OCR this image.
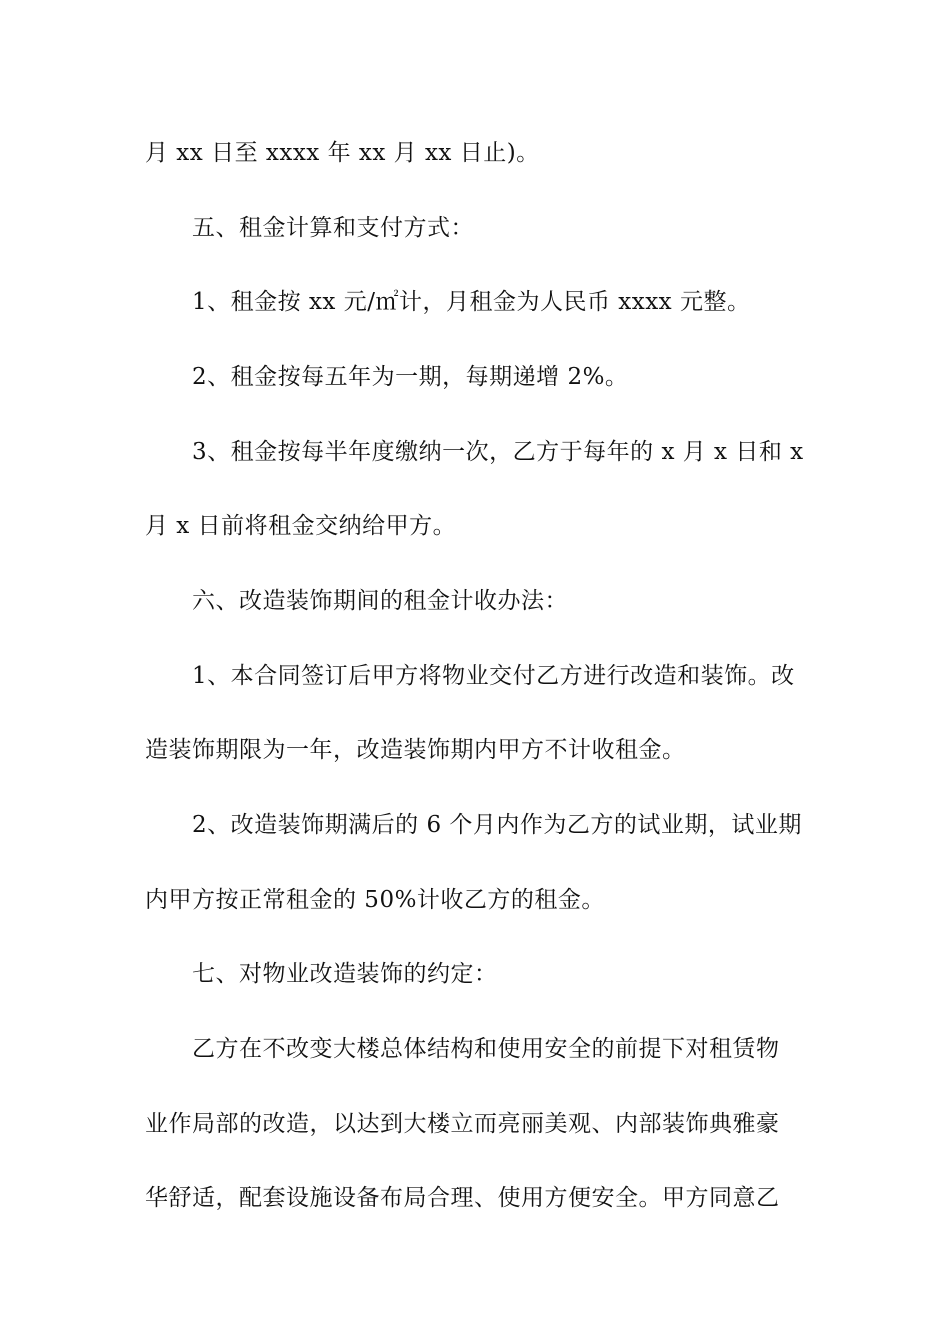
月 xx 日至 xxxx 年 xx 月 xx 日止)。
五、租金计算和支付方式：
1、租金按 xx 元/㎡计，月租金为人民币 xxxx 元整。
2、租金按每五年为一期，每期递增 2%。
3、租金按每半年度缴纳一次，乙方于每年的 x 月 x 日和 x
月 x 日前将租金交纳给甲方。
六、改造装饰期间的租金计收办法：
1、本合同签订后甲方将物业交付乙方进行改造和装饰。改
造装饰期限为一年，改造装饰期内甲方不计收租金。
2、改造装饰期满后的 6 个月内作为乙方的试业期，试业期
内甲方按正常租金的 50%计收乙方的租金。
七、对物业改造装饰的约定：
乙方在不改变大楼总体结构和使用安全的前提下对租赁物
业作局部的改造，以达到大楼立而亮丽美观、内部装饰典雅豪
华舒适，配套设施设备布局合理、使用方便安全。甲方同意乙
